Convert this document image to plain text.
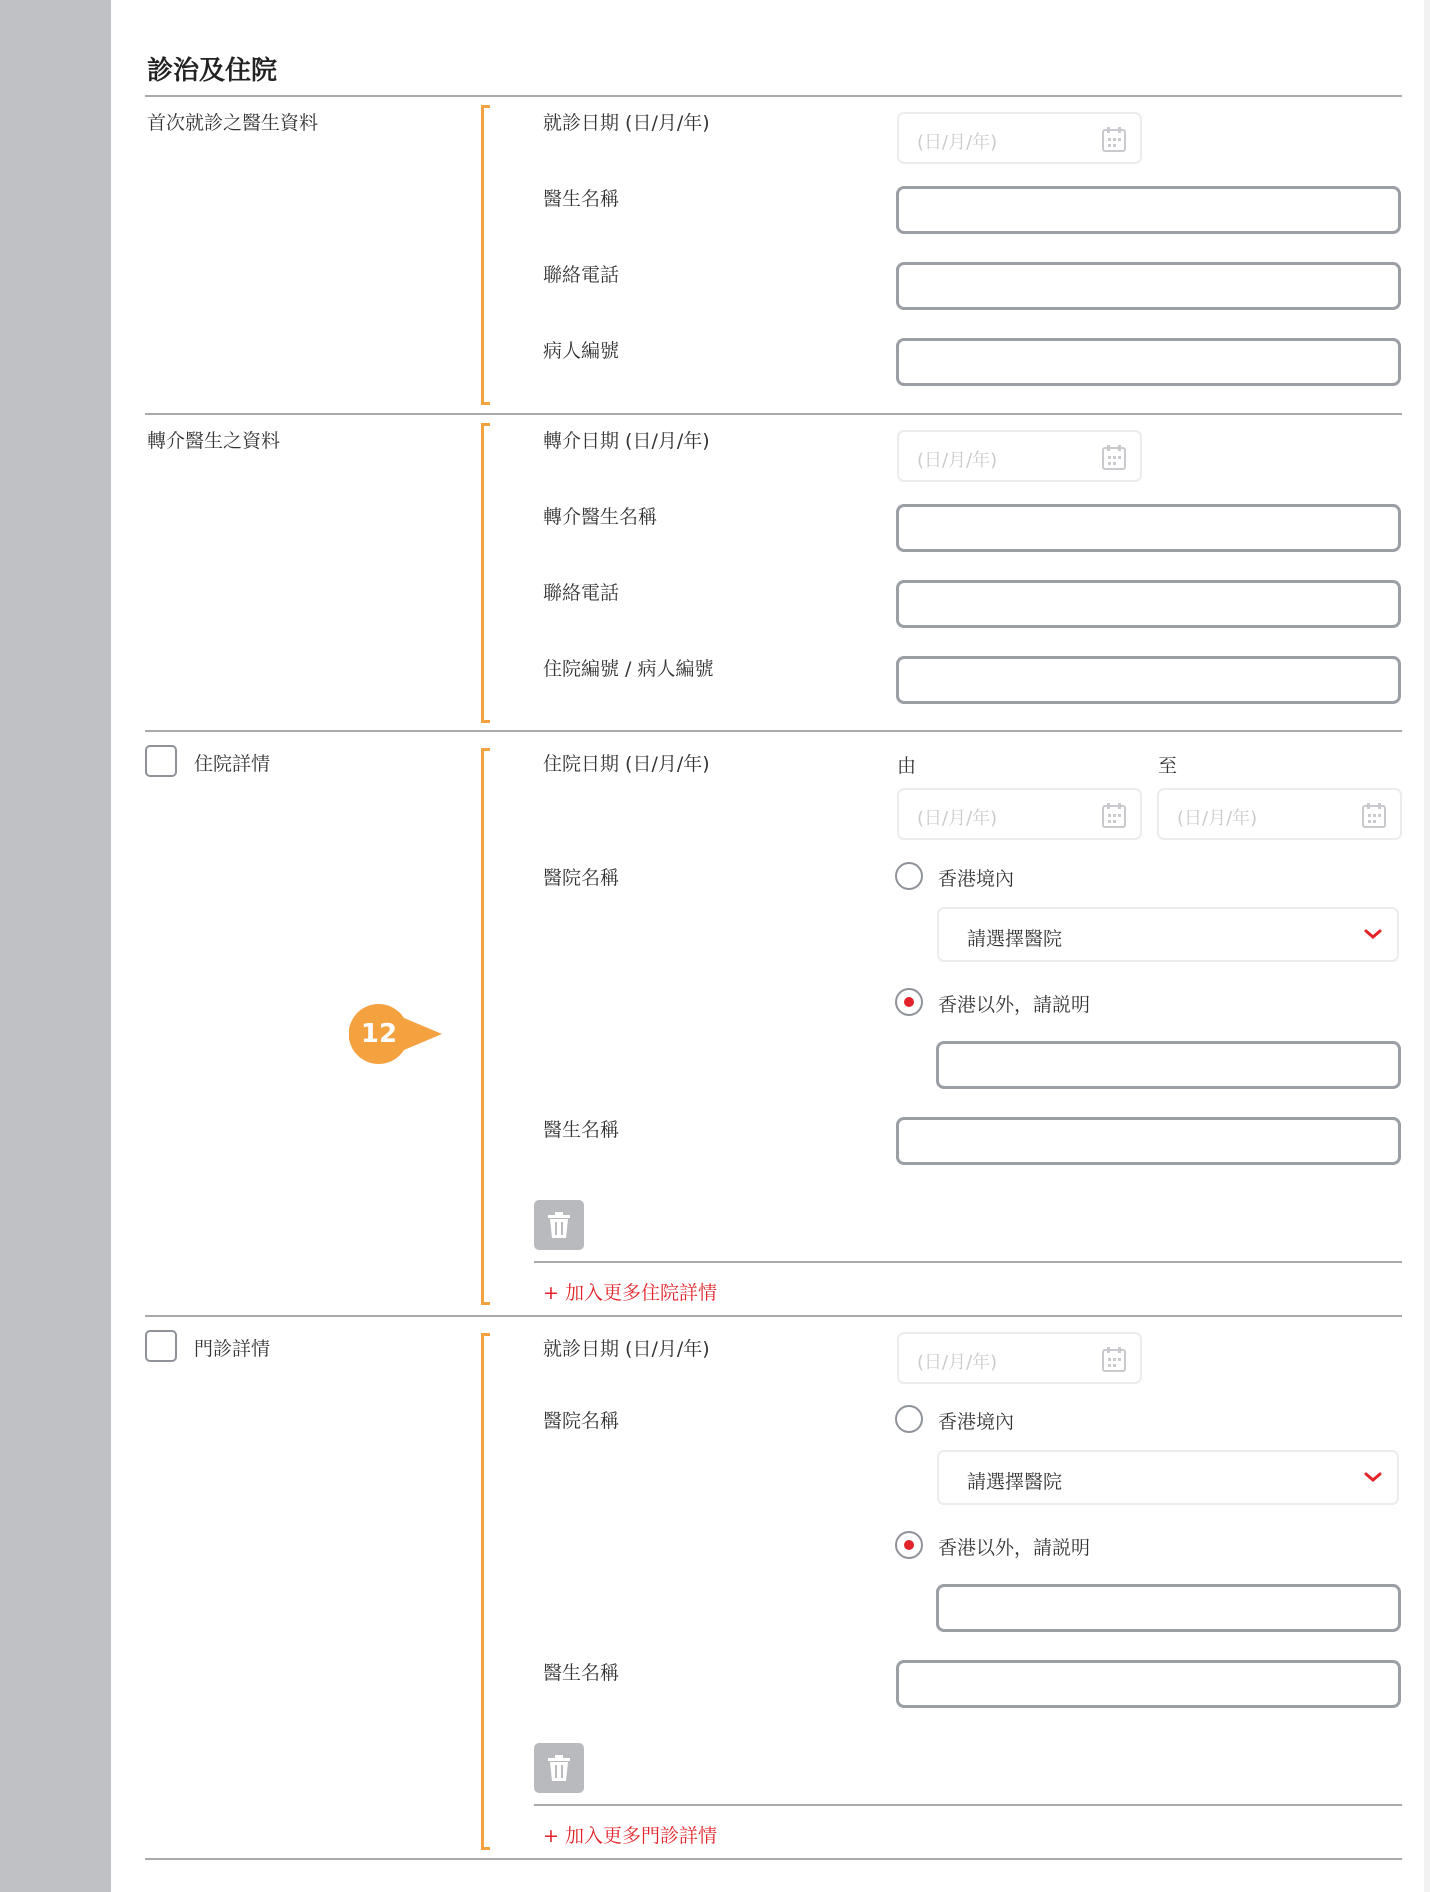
診治及住院
首次就診之醫生資料	就診日期 (日/月/年)
(日/月/年)
醫生名稱
聯絡電話
病人編號
轉介醫生之資料	轉介日期 (日/月/年)
(日/月/年)
轉介醫生名稱
聯絡電話
住院編號 / 病人編號
住院詳情	住院日期 (日/月/年)	由	至
(日/月/年)	(日/月/年)
醫院名稱	香港境內
請選擇醫院
香港以外，請説明
醫生名稱
+ 加入更多住院詳情
12
門診詳情	就診日期 (日/月/年)
(日/月/年)
醫院名稱	香港境內
請選擇醫院
香港以外，請説明
醫生名稱
+ 加入更多門診詳情
